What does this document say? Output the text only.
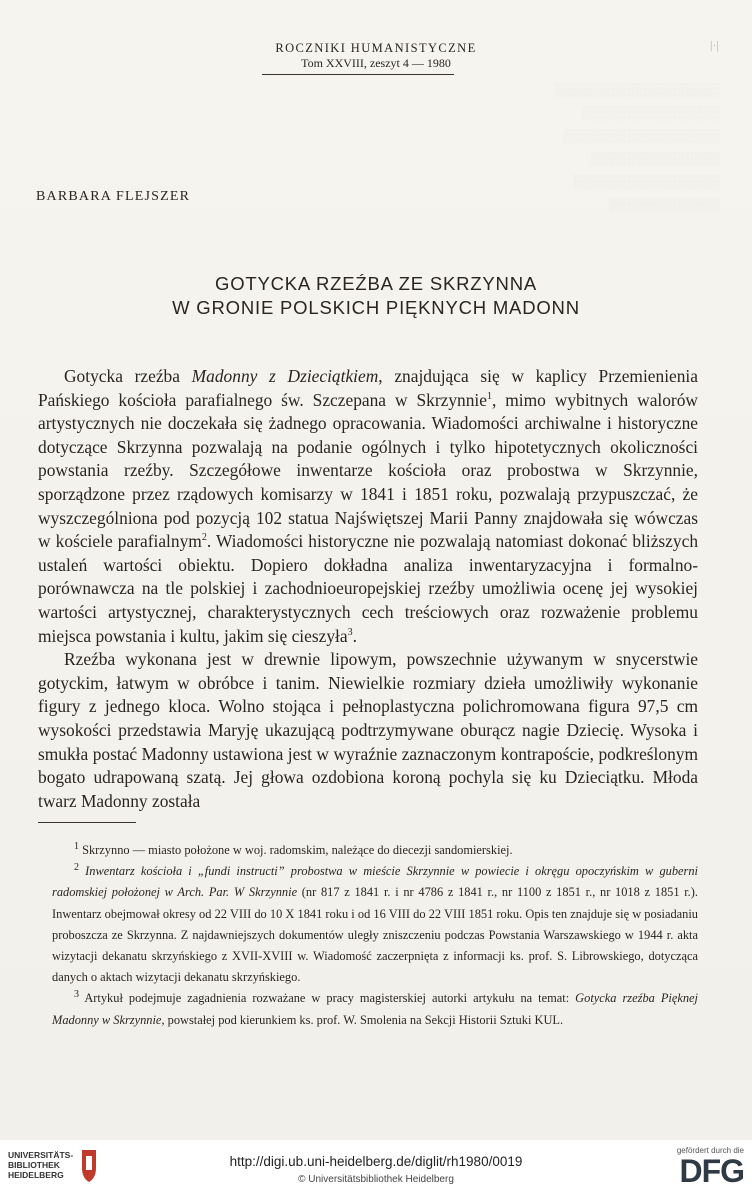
░░░░░░░░░░░░░░░░░░
░░░░░░░░░░░░░░░
░░░░░░░░░░░░░░░░░
░░░░░░░░░░░░░░
░░░░░░░░░░░░░░░░
░░░░░░░░░░░░
|·|
ROCZNIKI HUMANISTYCZNE
Tom XXVIII, zeszyt 4 — 1980
BARBARA FLEJSZER
GOTYCKA RZEŹBA ZE SKRZYNNA
W GRONIE POLSKICH PIĘKNYCH MADONN

Gotycka rzeźba Madonny z Dzieciątkiem, znajdująca się w kaplicy Przemienienia Pańskiego kościoła parafialnego św. Szczepana w Skrzynnie$^1$, mimo wybitnych walorów artystycznych nie doczekała się żadnego opracowania. Wiadomości archiwalne i historyczne dotyczące Skrzynna pozwalają na podanie ogólnych i tylko hipotetycznych okoliczności powstania rzeźby. Szczegółowe inwentarze kościoła oraz probostwa w Skrzynnie, sporządzone przez rządowych komisarzy w 1841 i 1851 roku, pozwalają przypuszczać, że wyszczególniona pod pozycją 102 statua Najświętszej Marii Panny znajdowała się wówczas w kościele parafialnym$^2$. Wiadomości historyczne nie pozwalają natomiast dokonać bliższych ustaleń wartości obiektu. Dopiero dokładna analiza inwentaryzacyjna i formalno-porównawcza na tle polskiej i zachodnioeuropejskiej rzeźby umożliwia ocenę jej wysokiej wartości artystycznej, charakterystycznych cech treściowych oraz rozważenie problemu miejsca powstania i kultu, jakim się cieszyła$^3$.

Rzeźba wykonana jest w drewnie lipowym, powszechnie używanym w snycerstwie gotyckim, łatwym w obróbce i tanim. Niewielkie rozmiary dzieła umożliwiły wykonanie figury z jednego kloca. Wolno stojąca i pełnoplastyczna polichromowana figura 97,5 cm wysokości przedstawia Maryję ukazującą podtrzymywane oburącz nagie Dziecię. Wysoka i smukła postać Madonny ustawiona jest w wyraźnie zaznaczonym kontrapoście, podkreślonym bogato udrapowaną szatą. Jej głowa ozdobiona koroną pochyla się ku Dzieciątku. Młoda twarz Madonny została

$^1$ Skrzynno — miasto położone w woj. radomskim, należące do diecezji sandomierskiej.

$^2$ Inwentarz kościoła i „fundi instructi” probostwa w mieście Skrzynnie w powiecie i okręgu opoczyńskim w guberni radomskiej położonej w Arch. Par. W Skrzynnie (nr 817 z 1841 r. i nr 4786 z 1841 r., nr 1100 z 1851 r., nr 1018 z 1851 r.). Inwentarz obejmował okresy od 22 VIII do 10 X 1841 roku i od 16 VIII do 22 VIII 1851 roku. Opis ten znajduje się w posiadaniu proboszcza ze Skrzynna. Z najdawniejszych dokumentów uległy zniszczeniu podczas Powstania Warszawskiego w 1944 r. akta wizytacji dekanatu skrzyńskiego z XVII-XVIII w. Wiadomość zaczerpnięta z informacji ks. prof. S. Librowskiego, dotycząca danych o aktach wizytacji dekanatu skrzyńskiego.

$^3$ Artykuł podejmuje zagadnienia rozważane w pracy magisterskiej autorki artykułu na temat: Gotycka rzeźba Pięknej Madonny w Skrzynnie, powstałej pod kierunkiem ks. prof. W. Smolenia na Sekcji Historii Sztuki KUL.

UNIVERSITÄTS-
BIBLIOTHEK
HEIDELBERG
http://digi.ub.uni-heidelberg.de/diglit/rh1980/0019
© Universitätsbibliothek Heidelberg
gefördert durch die
DFG
